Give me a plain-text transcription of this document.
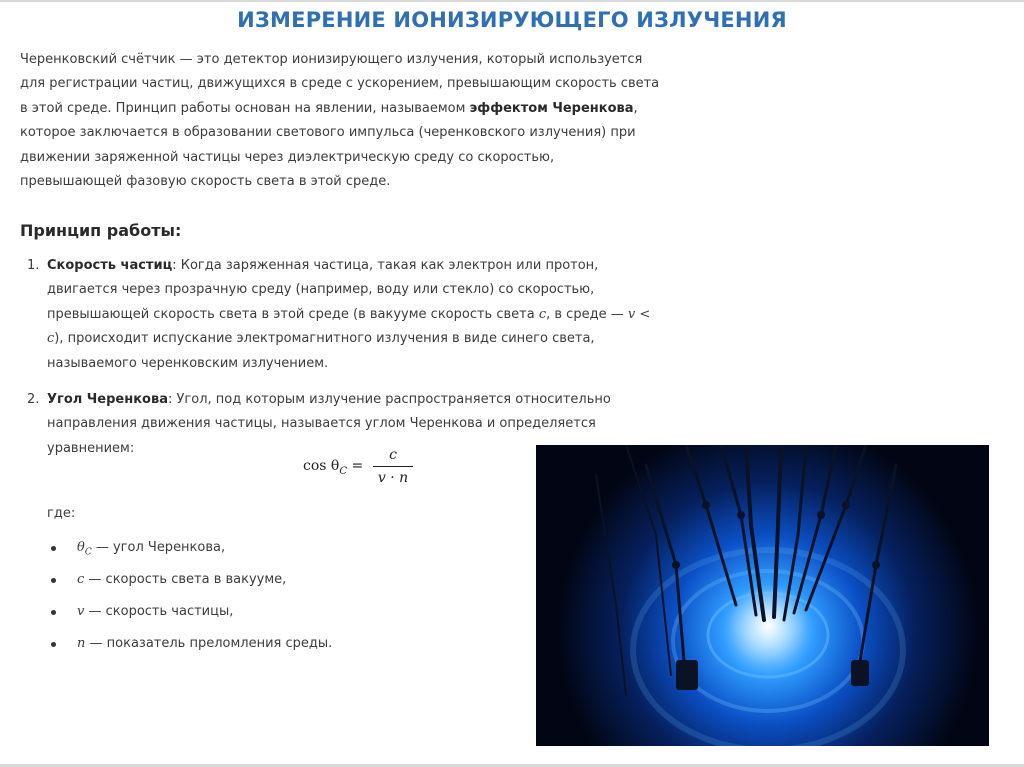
ИЗМЕРЕНИЕ ИОНИЗИРУЮЩЕГО ИЗЛУЧЕНИЯ

Черенковский счётчик — это детектор ионизирующего излучения, который используется для регистрации частиц, движущихся в среде с ускорением, превышающим скорость света в этой среде. Принцип работы основан на явлении, называемом эффектом Черенкова, которое заключается в образовании светового импульса (черенковского излучения) при движении заряженной частицы через диэлектрическую среду со скоростью, превышающей фазовую скорость света в этой среде.

Принцип работы:
1. Скорость частиц: Когда заряженная частица, такая как электрон или протон, двигается через прозрачную среду (например, воду или стекло) со скоростью, превышающей скорость света в этой среде (в вакууме скорость света c, в среде — v < c), происходит испускание электромагнитного излучения в виде синего света, называемого черенковским излучением.
2. Угол Черенкова: Угол, под которым излучение распространяется относительно направления движения частицы, называется углом Черенкова и определяется уравнением:
$\cos \theta_C$ =
c
v · n
где:
$\theta_C$ — угол Черенкова,
c — скорость света в вакууме,
v — скорость частицы,
n — показатель преломления среды.
